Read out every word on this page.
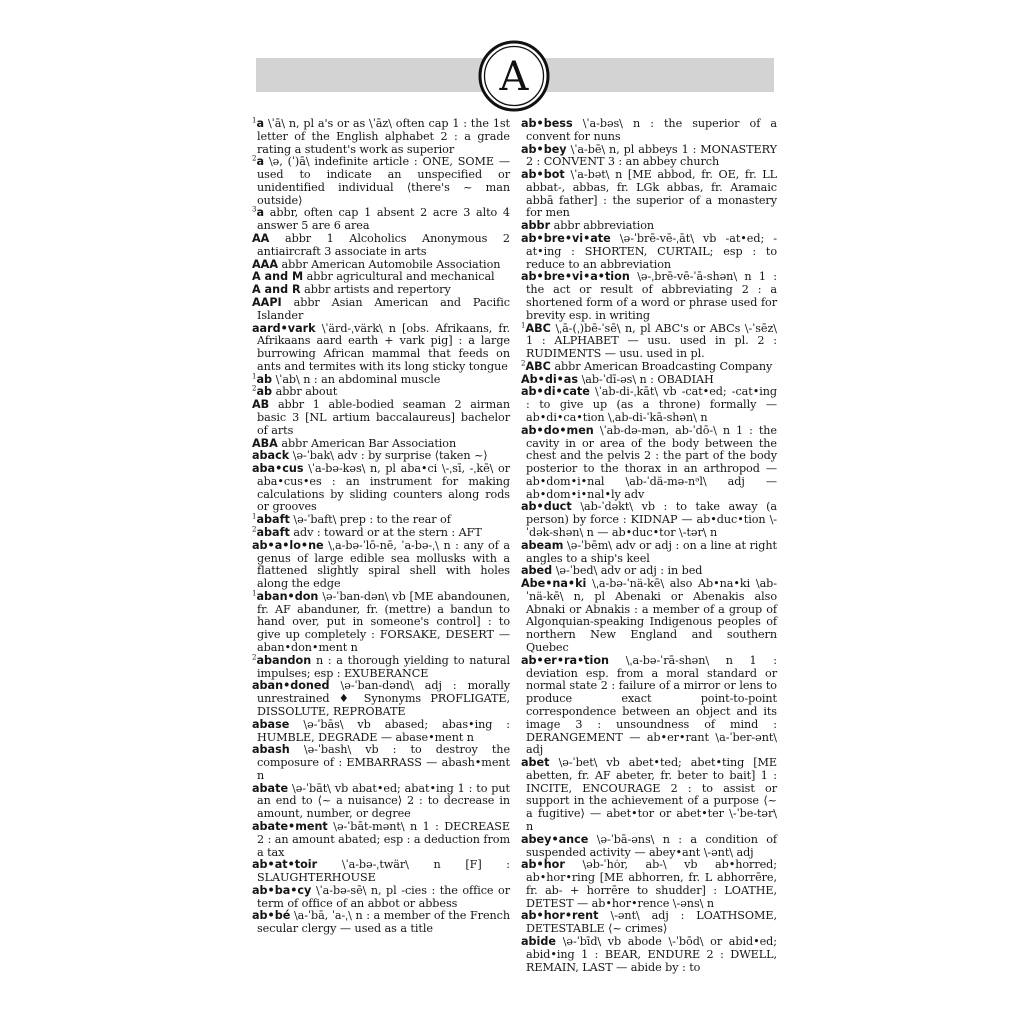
A

$^1$a \ˈā\ n, pl a's or as \ˈāz\ often cap 1 : the 1st letter of the English alphabet 2 : a grade rating a student's work as superior

$^2$a \ə, (ˈ)ā\ indefinite article : ONE, SOME — used to indicate an unspecified or unidentified individual ⟨there's ~ man outside⟩

$^3$a abbr, often cap 1 absent 2 acre 3 alto 4 answer 5 are 6 area

AA abbr 1 Alcoholics Anonymous 2 antiaircraft 3 associate in arts

AAA abbr American Automobile Association

A and M abbr agricultural and mechanical

A and R abbr artists and repertory

AAPI abbr Asian American and Pacific Islander

aard•vark \ˈärd-ˌvärk\ n [obs. Afrikaans, fr. Afrikaans aard earth + vark pig] : a large burrowing African mammal that feeds on ants and termites with its long sticky tongue

$^1$ab \ˈab\ n : an abdominal muscle

$^2$ab abbr about

AB abbr 1 able-bodied seaman 2 airman basic 3 [NL artium baccalaureus] bachelor of arts

ABA abbr American Bar Association

aback \ə-ˈbak\ adv : by surprise ⟨taken ~⟩

aba•cus \ˈa-bə-kəs\ n, pl aba•ci \-ˌsī, -ˌkē\ or aba•cus•es : an instrument for making calculations by sliding counters along rods or grooves

$^1$abaft \ə-ˈbaft\ prep : to the rear of

$^2$abaft adv : toward or at the stern : AFT

ab•a•lo•ne \ˌa-bə-ˈlō-nē, ˈa-bə-ˌ\ n : any of a genus of large edible sea mollusks with a flattened slightly spiral shell with holes along the edge

$^1$aban•don \ə-ˈban-dən\ vb [ME abandounen, fr. AF abanduner, fr. (mettre) a bandun to hand over, put in someone's control] : to give up completely : FORSAKE, DESERT — aban•don•ment n

$^2$abandon n : a thorough yielding to natural impulses; esp : EXUBERANCE

aban•doned \ə-ˈban-dənd\ adj : morally unrestrained ♦ Synonyms PROFLIGATE, DISSOLUTE, REPROBATE

abase \ə-ˈbās\ vb abased; abas•ing : HUMBLE, DEGRADE — abase•ment n

abash \ə-ˈbash\ vb : to destroy the composure of : EMBARRASS — abash•ment n

abate \ə-ˈbāt\ vb abat•ed; abat•ing 1 : to put an end to ⟨~ a nuisance⟩ 2 : to decrease in amount, number, or degree

abate•ment \ə-ˈbāt-mənt\ n 1 : DECREASE 2 : an amount abated; esp : a deduction from a tax

ab•at•toir \ˈa-bə-ˌtwär\ n [F] : SLAUGHTERHOUSE

ab•ba•cy \ˈa-bə-sē\ n, pl -cies : the office or term of office of an abbot or abbess

ab•bé \a-ˈbā, ˈa-ˌ\ n : a member of the French secular clergy — used as a title

ab•bess \ˈa-bəs\ n : the superior of a convent for nuns

ab•bey \ˈa-bē\ n, pl abbeys 1 : MONASTERY 2 : CONVENT 3 : an abbey church

ab•bot \ˈa-bət\ n [ME abbod, fr. OE, fr. LL abbat-, abbas, fr. LGk abbas, fr. Aramaic abbā father] : the superior of a monastery for men

abbr abbr abbreviation

ab•bre•vi•ate \ə-ˈbrē-vē-ˌāt\ vb -at•ed; -at•ing : SHORTEN, CURTAIL; esp : to reduce to an abbreviation

ab•bre•vi•a•tion \ə-ˌbrē-vē-ˈā-shən\ n 1 : the act or result of abbreviating 2 : a shortened form of a word or phrase used for brevity esp. in writing

$^1$ABC \ˌā-(ˌ)bē-ˈsē\ n, pl ABC's or ABCs \-ˈsēz\ 1 : ALPHABET — usu. used in pl. 2 : RUDIMENTS — usu. used in pl.

$^2$ABC abbr American Broadcasting Company

Ab•di•as \ab-ˈdī-əs\ n : OBADIAH

ab•di•cate \ˈab-di-ˌkāt\ vb -cat•ed; -cat•ing : to give up (as a throne) formally — ab•di•ca•tion \ˌab-di-ˈkā-shən\ n

ab•do•men \ˈab-də-mən, ab-ˈdō-\ n 1 : the cavity in or area of the body between the chest and the pelvis 2 : the part of the body posterior to the thorax in an arthropod — ab•dom•i•nal \ab-ˈdä-mə-nᵊl\ adj — ab•dom•i•nal•ly adv

ab•duct \ab-ˈdəkt\ vb : to take away (a person) by force : KIDNAP — ab•duc•tion \-ˈdək-shən\ n — ab•duc•tor \-tər\ n

abeam \ə-ˈbēm\ adv or adj : on a line at right angles to a ship's keel

abed \ə-ˈbed\ adv or adj : in bed

Abe•na•ki \ˌa-bə-ˈnä-kē\ also Ab•na•ki \ab-ˈnä-kē\ n, pl Abenaki or Abenakis also Abnaki or Abnakis : a member of a group of Algonquian-speaking Indigenous peoples of northern New England and southern Quebec

ab•er•ra•tion \ˌa-bə-ˈrā-shən\ n 1 : deviation esp. from a moral standard or normal state 2 : failure of a mirror or lens to produce exact point-to-point correspondence between an object and its image 3 : unsoundness of mind : DERANGEMENT — ab•er•rant \a-ˈber-ənt\ adj

abet \ə-ˈbet\ vb abet•ted; abet•ting [ME abetten, fr. AF abeter, fr. beter to bait] 1 : INCITE, ENCOURAGE 2 : to assist or support in the achievement of a purpose ⟨~ a fugitive⟩ — abet•tor or abet•ter \-ˈbe-tər\ n

abey•ance \ə-ˈbā-əns\ n : a condition of suspended activity — abey•ant \-ənt\ adj

ab•hor \əb-ˈhȯr, ab-\ vb ab•horred; ab•hor•ring [ME abhorren, fr. L abhorrēre, fr. ab- + horrēre to shudder] : LOATHE, DETEST — ab•hor•rence \-əns\ n

ab•hor•rent \-ənt\ adj : LOATHSOME, DETESTABLE ⟨~ crimes⟩

abide \ə-ˈbīd\ vb abode \-ˈbōd\ or abid•ed; abid•ing 1 : BEAR, ENDURE 2 : DWELL, REMAIN, LAST — abide by : to
